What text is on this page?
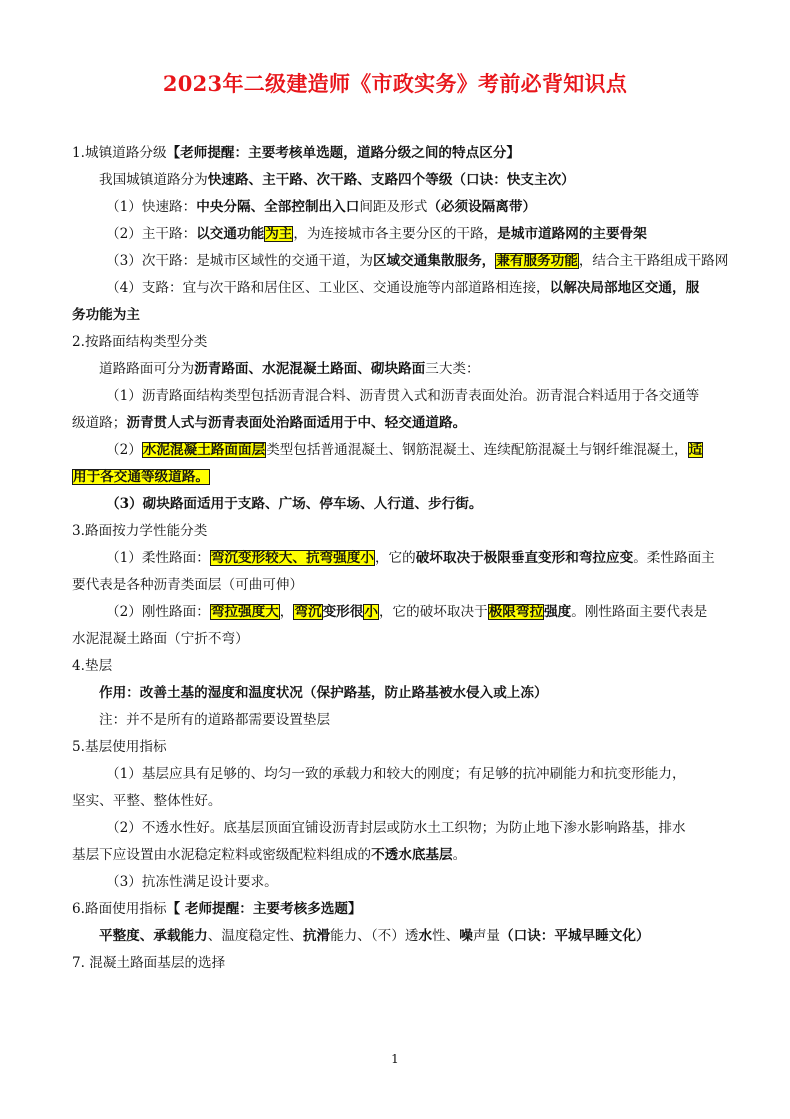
2023年二级建造师《市政实务》考前必背知识点
1.城镇道路分级【老师提醒：主要考核单选题，道路分级之间的特点区分】
我国城镇道路分为快速路、主干路、次干路、支路四个等级（口诀：快支主次）
（1）快速路：中央分隔、全部控制出入口间距及形式（必须设隔离带）
（2）主干路：以交通功能为主，为连接城市各主要分区的干路，是城市道路网的主要骨架
（3）次干路：是城市区域性的交通干道，为区域交通集散服务，兼有服务功能，结合主干路组成干路网
（4）支路：宜与次干路和居住区、工业区、交通设施等内部道路相连接，以解决局部地区交通，服
务功能为主
2.按路面结构类型分类
道路路面可分为沥青路面、水泥混凝土路面、砌块路面三大类：
（1）沥青路面结构类型包括沥青混合料、沥青贯入式和沥青表面处治。沥青混合料适用于各交通等
级道路；沥青贯人式与沥青表面处治路面适用于中、轻交通道路。
（2）水泥混凝土路面面层类型包括普通混凝土、钢筋混凝土、连续配筋混凝土与钢纤维混凝土，适
用于各交通等级道路。
（3）砌块路面适用于支路、广场、停车场、人行道、步行街。
3.路面按力学性能分类
（1）柔性路面：弯沉变形较大、抗弯强度小，它的破坏取决于极限垂直变形和弯拉应变。柔性路面主
要代表是各种沥青类面层（可曲可伸）
（2）刚性路面：弯拉强度大，弯沉变形很小，它的破坏取决于极限弯拉强度。刚性路面主要代表是
水泥混凝土路面（宁折不弯）
4.垫层
作用：改善土基的湿度和温度状况（保护路基，防止路基被水侵入或上冻）
注：并不是所有的道路都需要设置垫层
5.基层使用指标
（1）基层应具有足够的、均匀一致的承载力和较大的刚度；有足够的抗冲刷能力和抗变形能力，
坚实、平整、整体性好。
（2）不透水性好。底基层顶面宜铺设沥青封层或防水土工织物；为防止地下渗水影响路基，排水
基层下应设置由水泥稳定粒料或密级配粒料组成的不透水底基层。
（3）抗冻性满足设计要求。
6.路面使用指标【 老师提醒：主要考核多选题】
平整度、承载能力、温度稳定性、抗滑能力、（不）透水性、噪声量（口诀：平城早睡文化）
7. 混凝土路面基层的选择
1
